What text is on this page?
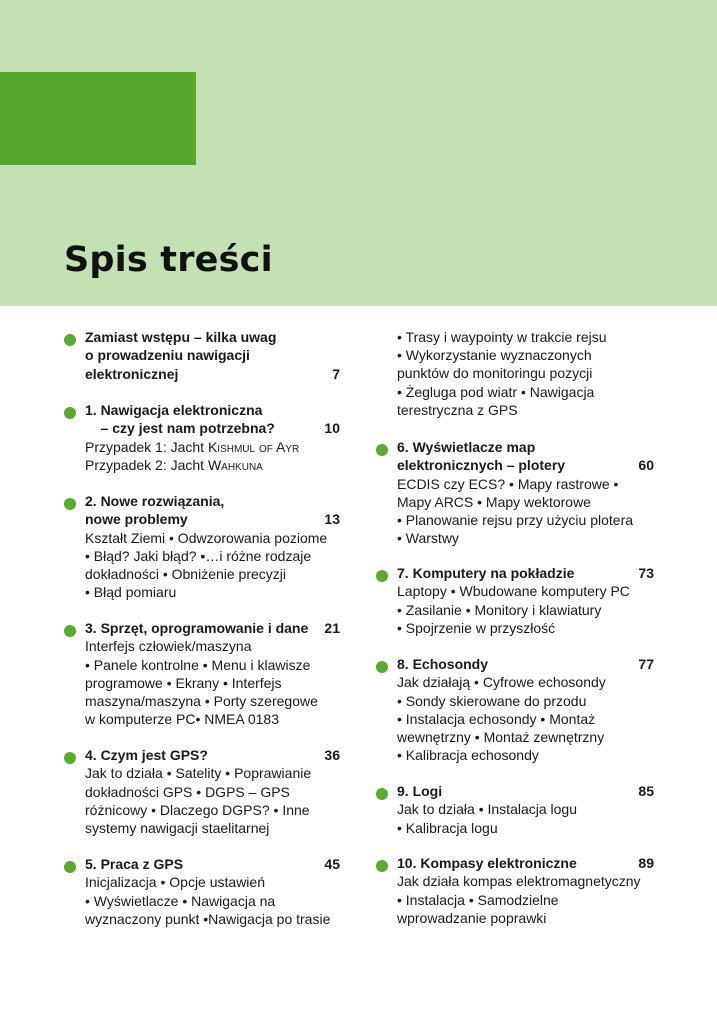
Spis treści
Zamiast wstępu – kilka uwag
o prowadzeniu nawigacji
elektronicznej	7
1. Nawigacja elektroniczna
– czy jest nam potrzebna?	10
Przypadek 1: Jacht Kishmul of Ayr
Przypadek 2: Jacht Wahkuna
2. Nowe rozwiązania,
nowe problemy	13
Kształt Ziemi • Odwzorowania poziome
• Błąd? Jaki błąd? •…i różne rodzaje
dokładności • Obniżenie precyzji
• Błąd pomiaru
3. Sprzęt, oprogramowanie i dane	21
Interfejs człowiek/maszyna
• Panele kontrolne • Menu i klawisze
programowe • Ekrany • Interfejs
maszyna/maszyna • Porty szeregowe
w komputerze PC• NMEA 0183
4. Czym jest GPS?	36
Jak to działa • Satelity • Poprawianie
dokładności GPS • DGPS – GPS
różnicowy • Dlaczego DGPS? • Inne
systemy nawigacji staelitarnej
5. Praca z GPS	45
Inicjalizacja • Opcje ustawień
• Wyświetlacze • Nawigacja na
wyznaczony punkt •Nawigacja po trasie
• Trasy i waypointy w trakcie rejsu
• Wykorzystanie wyznaczonych
punktów do monitoringu pozycji
• Żegluga pod wiatr • Nawigacja
terestryczna z GPS
6. Wyświetlacze map
elektronicznych – plotery	60
ECDIS czy ECS? • Mapy rastrowe •
Mapy ARCS • Mapy wektorowe
• Planowanie rejsu przy użyciu plotera
• Warstwy
7. Komputery na pokładzie	73
Laptopy • Wbudowane komputery PC
• Zasilanie • Monitory i klawiatury
• Spojrzenie w przyszłość
8. Echosondy	77
Jak działają • Cyfrowe echosondy
• Sondy skierowane do przodu
• Instalacja echosondy • Montaż
wewnętrzny • Montaż zewnętrzny
• Kalibracja echosondy
9. Logi	85
Jak to działa • Instalacja logu
• Kalibracja logu
10. Kompasy elektroniczne	89
Jak działa kompas elektromagnetyczny
• Instalacja • Samodzielne
wprowadzanie poprawki
